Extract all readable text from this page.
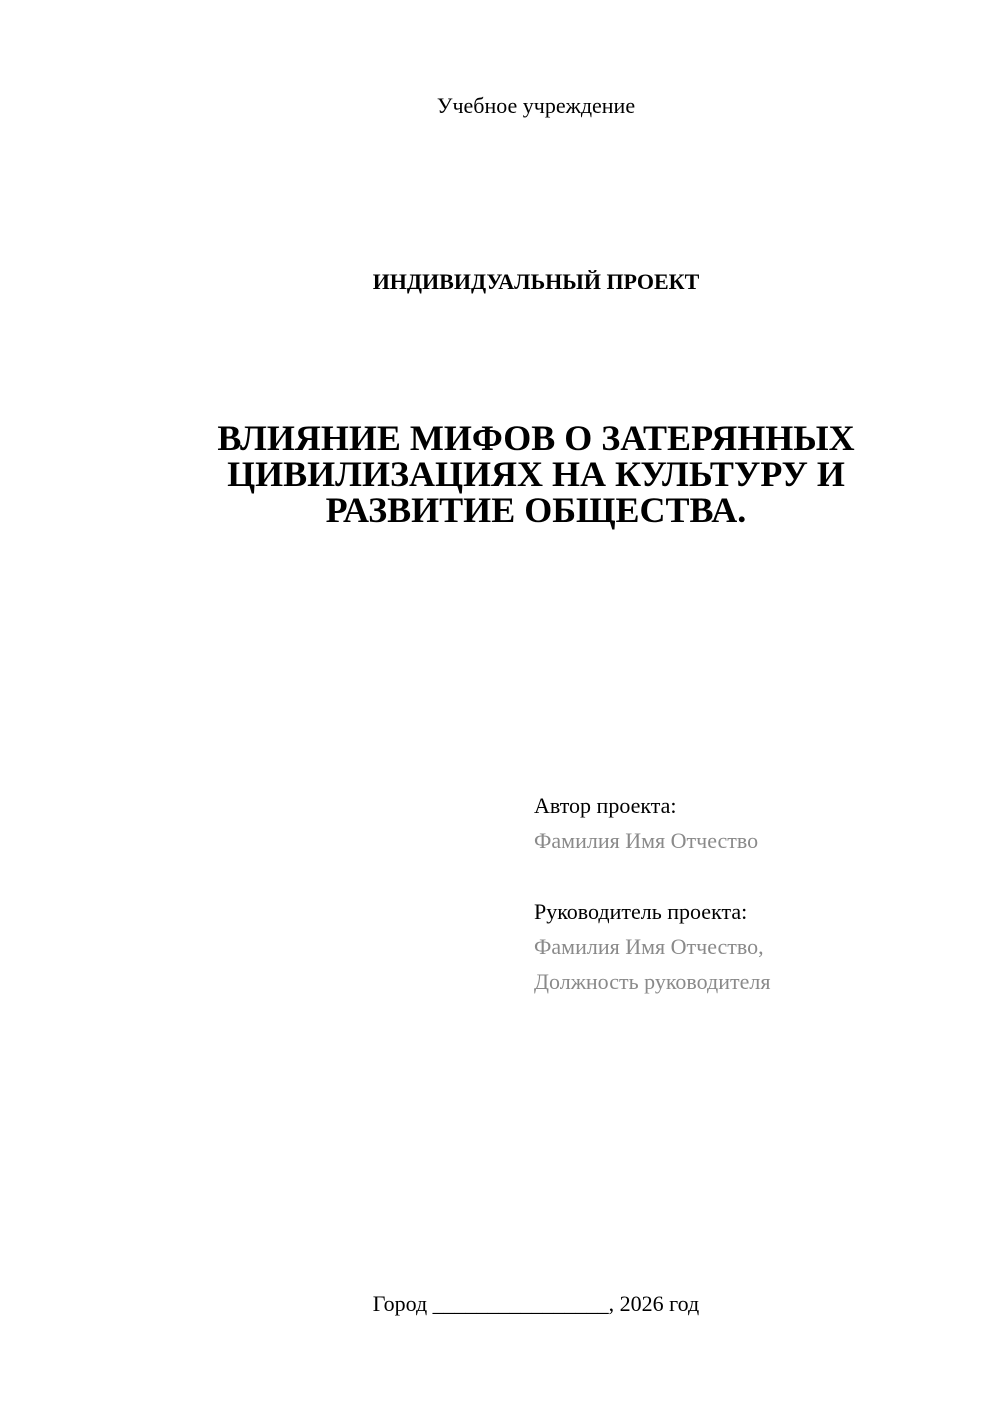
Учебное учреждение
ИНДИВИДУАЛЬНЫЙ ПРОЕКТ
ВЛИЯНИЕ МИФОВ О ЗАТЕРЯННЫХ
ЦИВИЛИЗАЦИЯХ НА КУЛЬТУРУ И
РАЗВИТИЕ ОБЩЕСТВА.
Автор проекта:
Фамилия Имя Отчество
Руководитель проекта:
Фамилия Имя Отчество,
Должность руководителя
Город ________________, 2026 год
